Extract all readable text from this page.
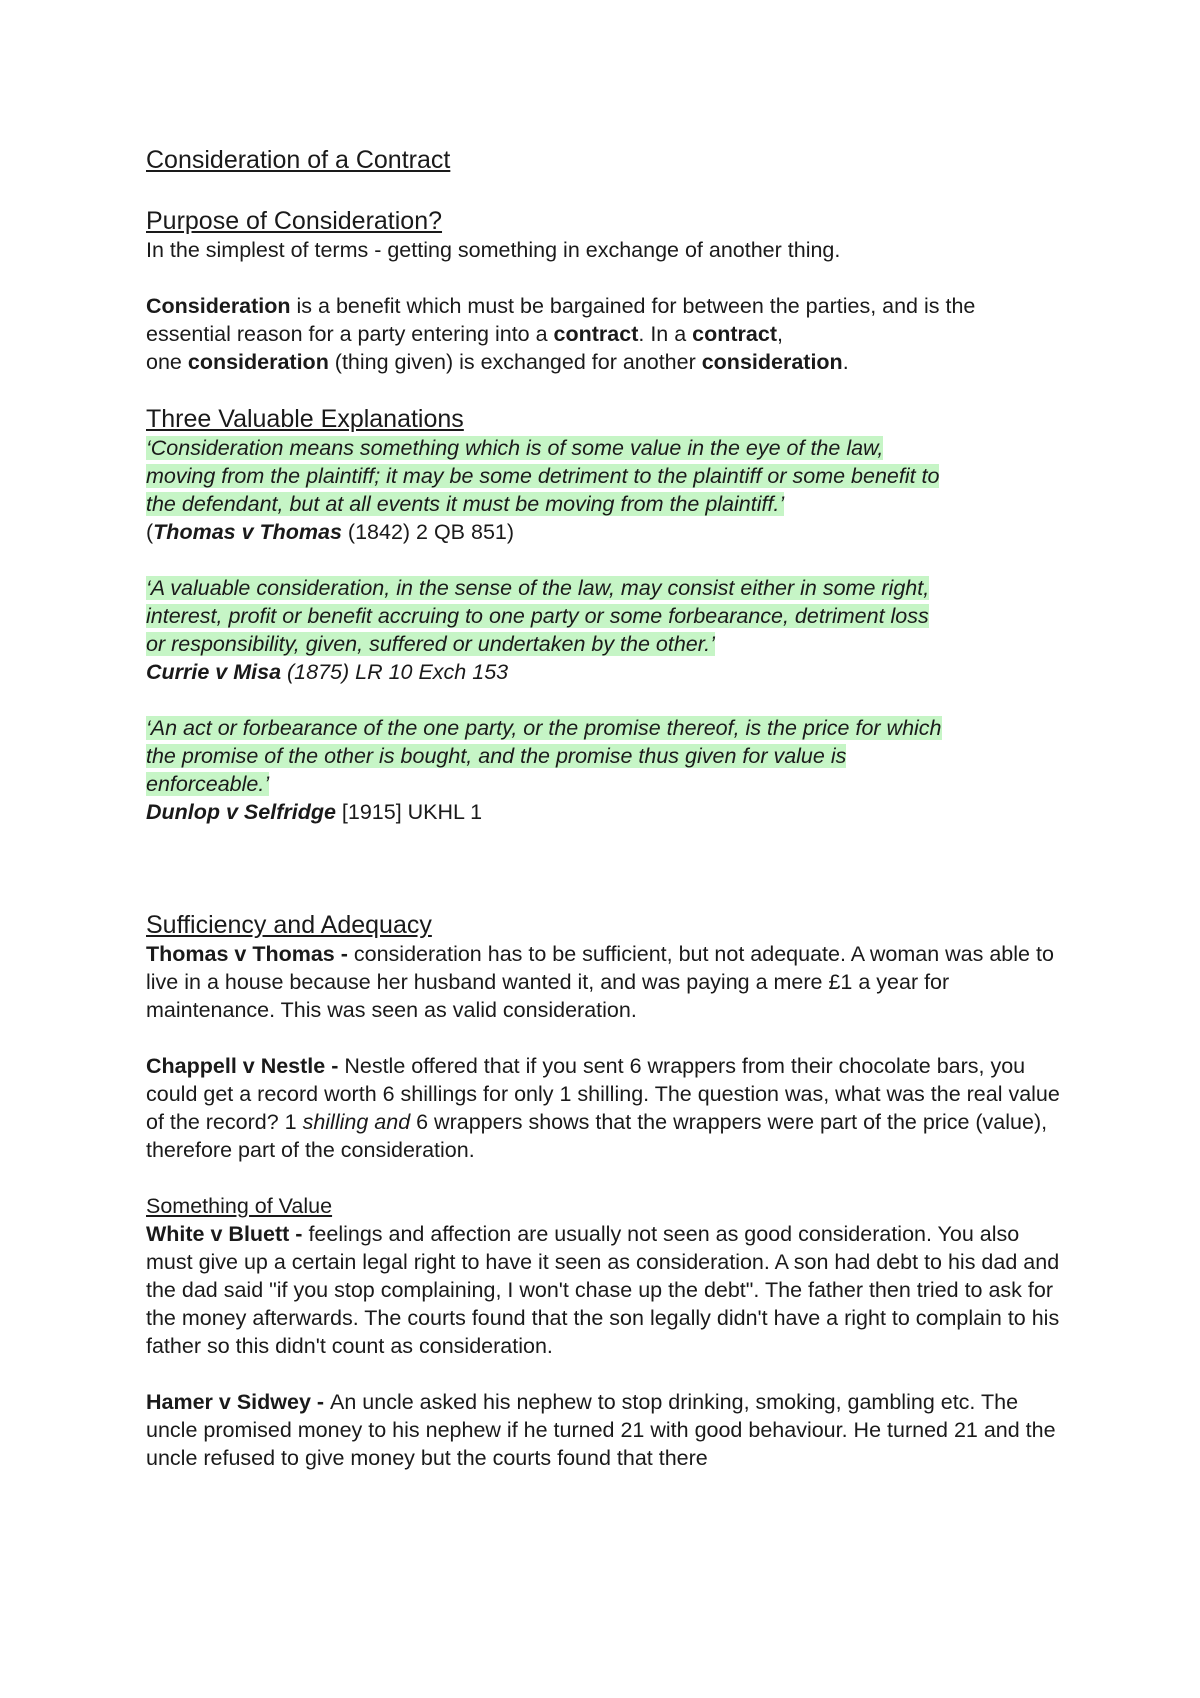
Consideration of a Contract
Purpose of Consideration?

In the simplest of terms - getting something in exchange of another thing.

Consideration is a benefit which must be bargained for between the parties, and is the essential reason for a party entering into a contract. In a contract,
one consideration (thing given) is exchanged for another consideration.

Three Valuable Explanations

‘Consideration means something which is of some value in the eye of the law,

moving from the plaintiff; it may be some detriment to the plaintiff or some benefit to

the defendant, but at all events it must be moving from the plaintiff.’

(Thomas v Thomas (1842) 2 QB 851)

‘A valuable consideration, in the sense of the law, may consist either in some right,

interest, profit or benefit accruing to one party or some forbearance, detriment loss

or responsibility, given, suffered or undertaken by the other.’

Currie v Misa (1875) LR 10 Exch 153

‘An act or forbearance of the one party, or the promise thereof, is the price for which

the promise of the other is bought, and the promise thus given for value is

enforceable.’

Dunlop v Selfridge [1915] UKHL 1

Sufficiency and Adequacy

Thomas v Thomas - consideration has to be sufficient, but not adequate. A woman was able to live in a house because her husband wanted it, and was paying a mere £1 a year for maintenance. This was seen as valid consideration.

Chappell v Nestle - Nestle offered that if you sent 6 wrappers from their chocolate bars, you could get a record worth 6 shillings for only 1 shilling. The question was, what was the real value of the record? 1 shilling and 6 wrappers shows that the wrappers were part of the price (value), therefore part of the consideration.

Something of Value

White v Bluett - feelings and affection are usually not seen as good consideration. You also must give up a certain legal right to have it seen as consideration. A son had debt to his dad and the dad said "if you stop complaining, I won't chase up the debt". The father then tried to ask for the money afterwards. The courts found that the son legally didn't have a right to complain to his father so this didn't count as consideration.

Hamer v Sidwey - An uncle asked his nephew to stop drinking, smoking, gambling etc. The uncle promised money to his nephew if he turned 21 with good behaviour. He turned 21 and the uncle refused to give money but the courts found that there
